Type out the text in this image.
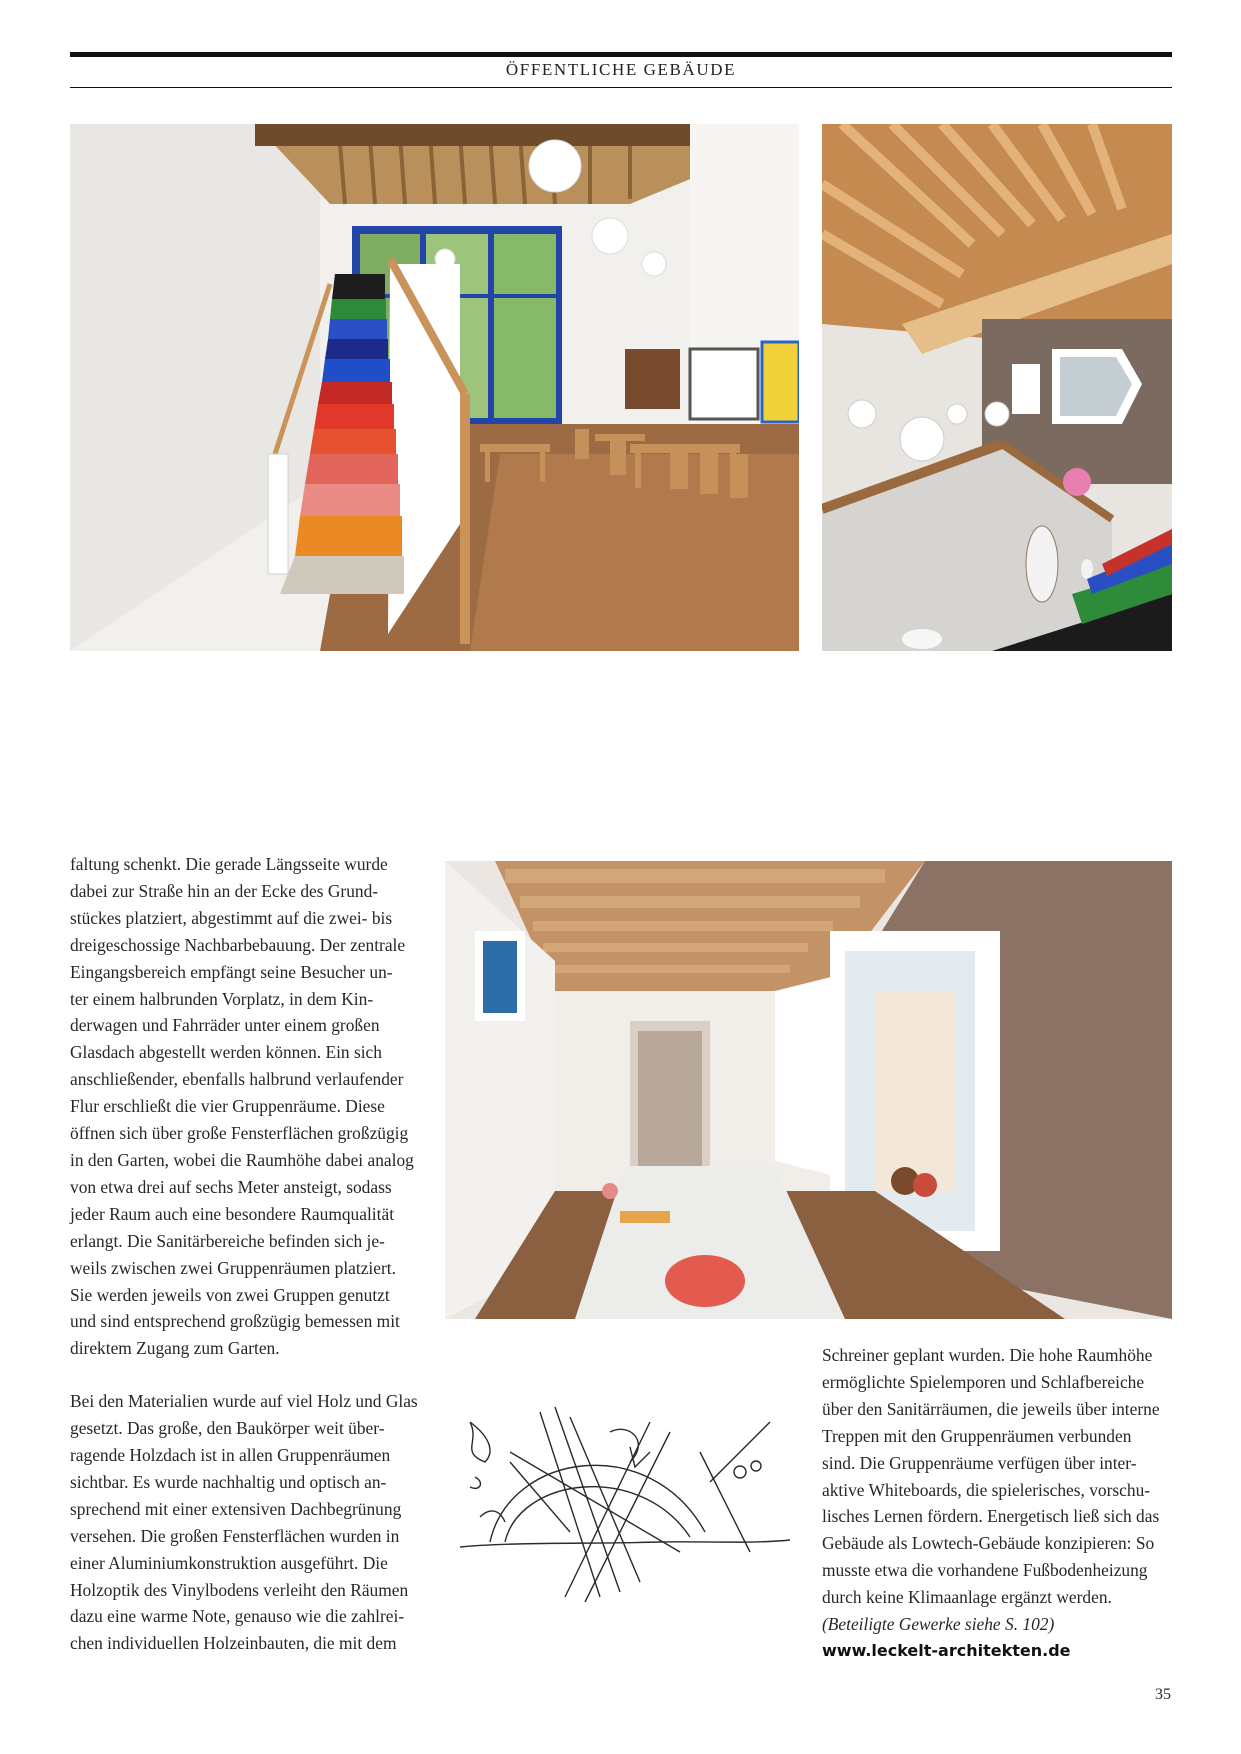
ÖFFENTLICHE GEBÄUDE

faltung schenkt. Die gerade Längsseite wurde

dabei zur Straße hin an der Ecke des Grund-

stückes platziert, abgestimmt auf die zwei- bis

dreigeschossige Nachbarbebauung. Der zentrale

Eingangsbereich empfängt seine Besucher un-

ter einem halbrunden Vorplatz, in dem Kin-

derwagen und Fahrräder unter einem großen

Glasdach abgestellt werden können. Ein sich

anschließender, ebenfalls halbrund verlaufender

Flur erschließt die vier Gruppenräume. Diese

öffnen sich über große Fensterflächen großzügig

in den Garten, wobei die Raumhöhe dabei analog

von etwa drei auf sechs Meter ansteigt, sodass

jeder Raum auch eine besondere Raumqualität

erlangt. Die Sanitärbereiche befinden sich je-

weils zwischen zwei Gruppenräumen platziert.

Sie werden jeweils von zwei Gruppen genutzt

und sind entsprechend großzügig bemessen mit

direktem Zugang zum Garten.

Bei den Materialien wurde auf viel Holz und Glas

gesetzt. Das große, den Baukörper weit über-

ragende Holzdach ist in allen Gruppenräumen

sichtbar. Es wurde nachhaltig und optisch an-

sprechend mit einer extensiven Dachbegrünung

versehen. Die großen Fensterflächen wurden in

einer Aluminiumkonstruktion ausgeführt. Die

Holzoptik des Vinylbodens verleiht den Räumen

dazu eine warme Note, genauso wie die zahlrei-

chen individuellen Holzeinbauten, die mit dem

Schreiner geplant wurden. Die hohe Raumhöhe

ermöglichte Spielemporen und Schlafbereiche

über den Sanitärräumen, die jeweils über interne

Treppen mit den Gruppenräumen verbunden

sind. Die Gruppenräume verfügen über inter-

aktive Whiteboards, die spielerisches, vorschu-

lisches Lernen fördern. Energetisch ließ sich das

Gebäude als Lowtech-Gebäude konzipieren: So

musste etwa die vorhandene Fußbodenheizung

durch keine Klimaanlage ergänzt werden.

(Beteiligte Gewerke siehe S. 102)

www.leckelt-architekten.de

35
